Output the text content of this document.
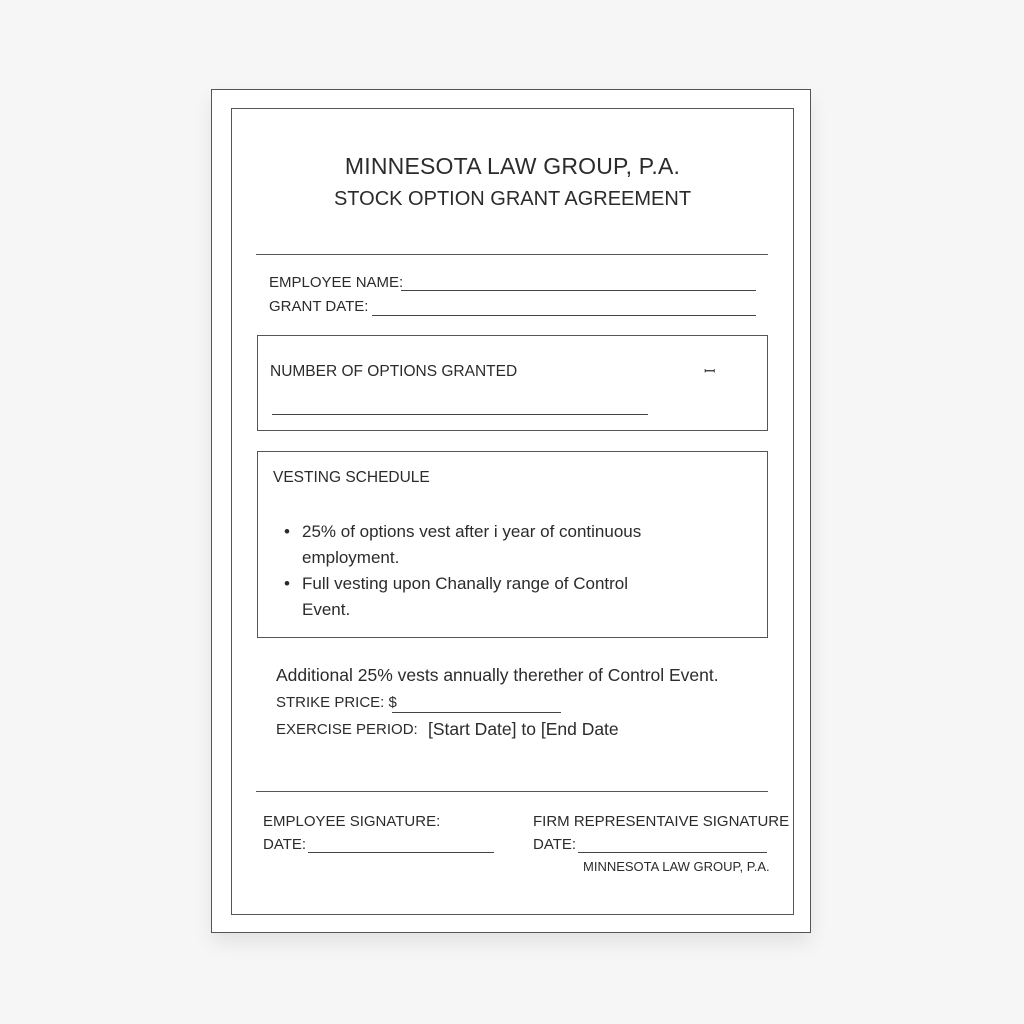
MINNESOTA LAW GROUP, P.A.
STOCK OPTION GRANT AGREEMENT
EMPLOYEE NAME:
GRANT DATE:
NUMBER OF OPTIONS GRANTED	ꟷ
VESTING SCHEDULE
• 25% of options vest after i year of continuous employment.
• Full vesting upon Chanally range of Control Event.
Additional 25% vests annually therether of Control Event.
STRIKE PRICE: $
EXERCISE PERIOD: [Start Date] to [End Date
EMPLOYEE SIGNATURE:
DATE:
FIRM REPRESENTAIVE SIGNATURE
DATE:
MINNESOTA LAW GROUP, P.A.
